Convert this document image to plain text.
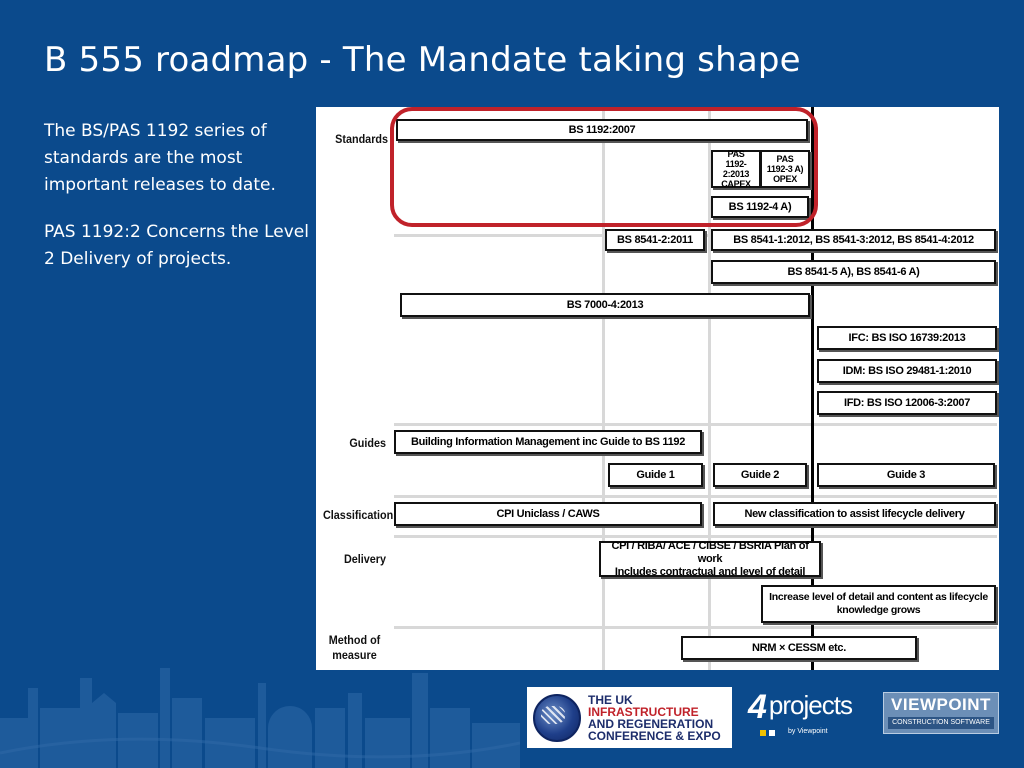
B 555 roadmap - The Mandate taking shape

The BS/PAS 1192 series of standards are the most important releases to date.

PAS 1192:2 Concerns the Level 2 Delivery of projects.

Standards
Guides
Classification
Delivery
Method of measure
BS 1192:2007
PAS
1192-2:2013
CAPEX
PAS
1192-3 A)
OPEX
BS 1192-4 A)
BS 8541-2:2011	BS 8541-1:2012, BS 8541-3:2012, BS 8541-4:2012
BS 8541-5 A), BS 8541-6 A)
BS 7000-4:2013
IFC: BS ISO 16739:2013
IDM: BS ISO 29481-1:2010
IFD: BS ISO 12006-3:2007
Building Information Management inc Guide to BS 1192
Guide 1	Guide 2	Guide 3
CPI Uniclass / CAWS	New classification to assist lifecycle delivery
CPI / RIBA/ ACE / CIBSE / BSRIA Plan of work
Includes contractual and level of detail
Increase level of detail and content as lifecycle knowledge grows
NRM × CESSM etc.
THE UK
INFRASTRUCTURE
AND REGENERATION
CONFERENCE & EXPO
4 projects
by Viewpoint
VIEWPOINT
CONSTRUCTION SOFTWARE
